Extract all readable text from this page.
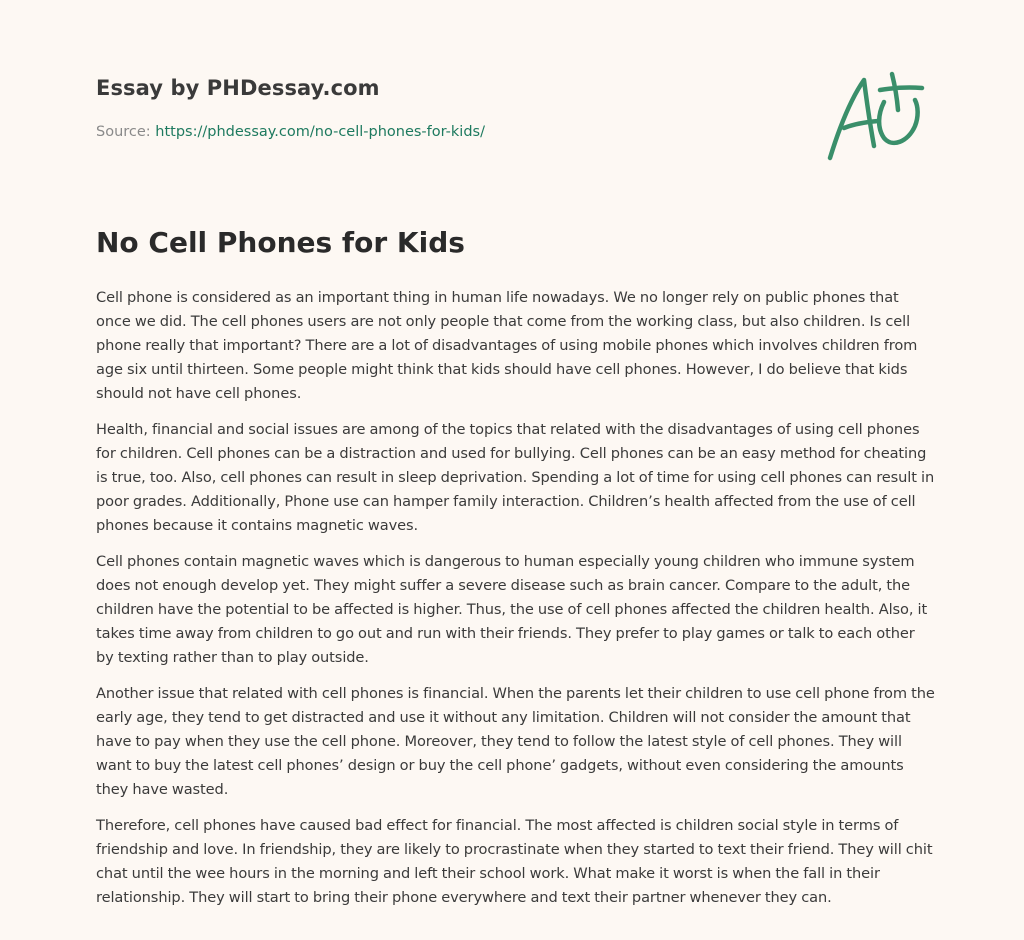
Essay by PHDessay.com
Source: https://phdessay.com/no-cell-phones-for-kids/
No Cell Phones for Kids

Cell phone is considered as an important thing in human life nowadays. We no longer rely on public phones that once we did. The cell phones users are not only people that come from the working class, but also children. Is cell phone really that important? There are a lot of disadvantages of using mobile phones which involves children from age six until thirteen. Some people might think that kids should have cell phones. However, I do believe that kids should not have cell phones.

Health, financial and social issues are among of the topics that related with the disadvantages of using cell phones for children. Cell phones can be a distraction and used for bullying. Cell phones can be an easy method for cheating is true, too. Also, cell phones can result in sleep deprivation. Spending a lot of time for using cell phones can result in poor grades. Additionally, Phone use can hamper family interaction. Children’s health affected from the use of cell phones because it contains magnetic waves.

Cell phones contain magnetic waves which is dangerous to human especially young children who immune system does not enough develop yet. They might suffer a severe disease such as brain cancer. Compare to the adult, the children have the potential to be affected is higher. Thus, the use of cell phones affected the children health. Also, it takes time away from children to go out and run with their friends. They prefer to play games or talk to each other by texting rather than to play outside.

Another issue that related with cell phones is financial. When the parents let their children to use cell phone from the early age, they tend to get distracted and use it without any limitation. Children will not consider the amount that have to pay when they use the cell phone. Moreover, they tend to follow the latest style of cell phones. They will want to buy the latest cell phones’ design or buy the cell phone’ gadgets, without even considering the amounts they have wasted.

Therefore, cell phones have caused bad effect for financial. The most affected is children social style in terms of friendship and love. In friendship, they are likely to procrastinate when they started to text their friend. They will chit chat until the wee hours in the morning and left their school work. What make it worst is when the fall in their relationship. They will start to bring their phone everywhere and text their partner whenever they can.
